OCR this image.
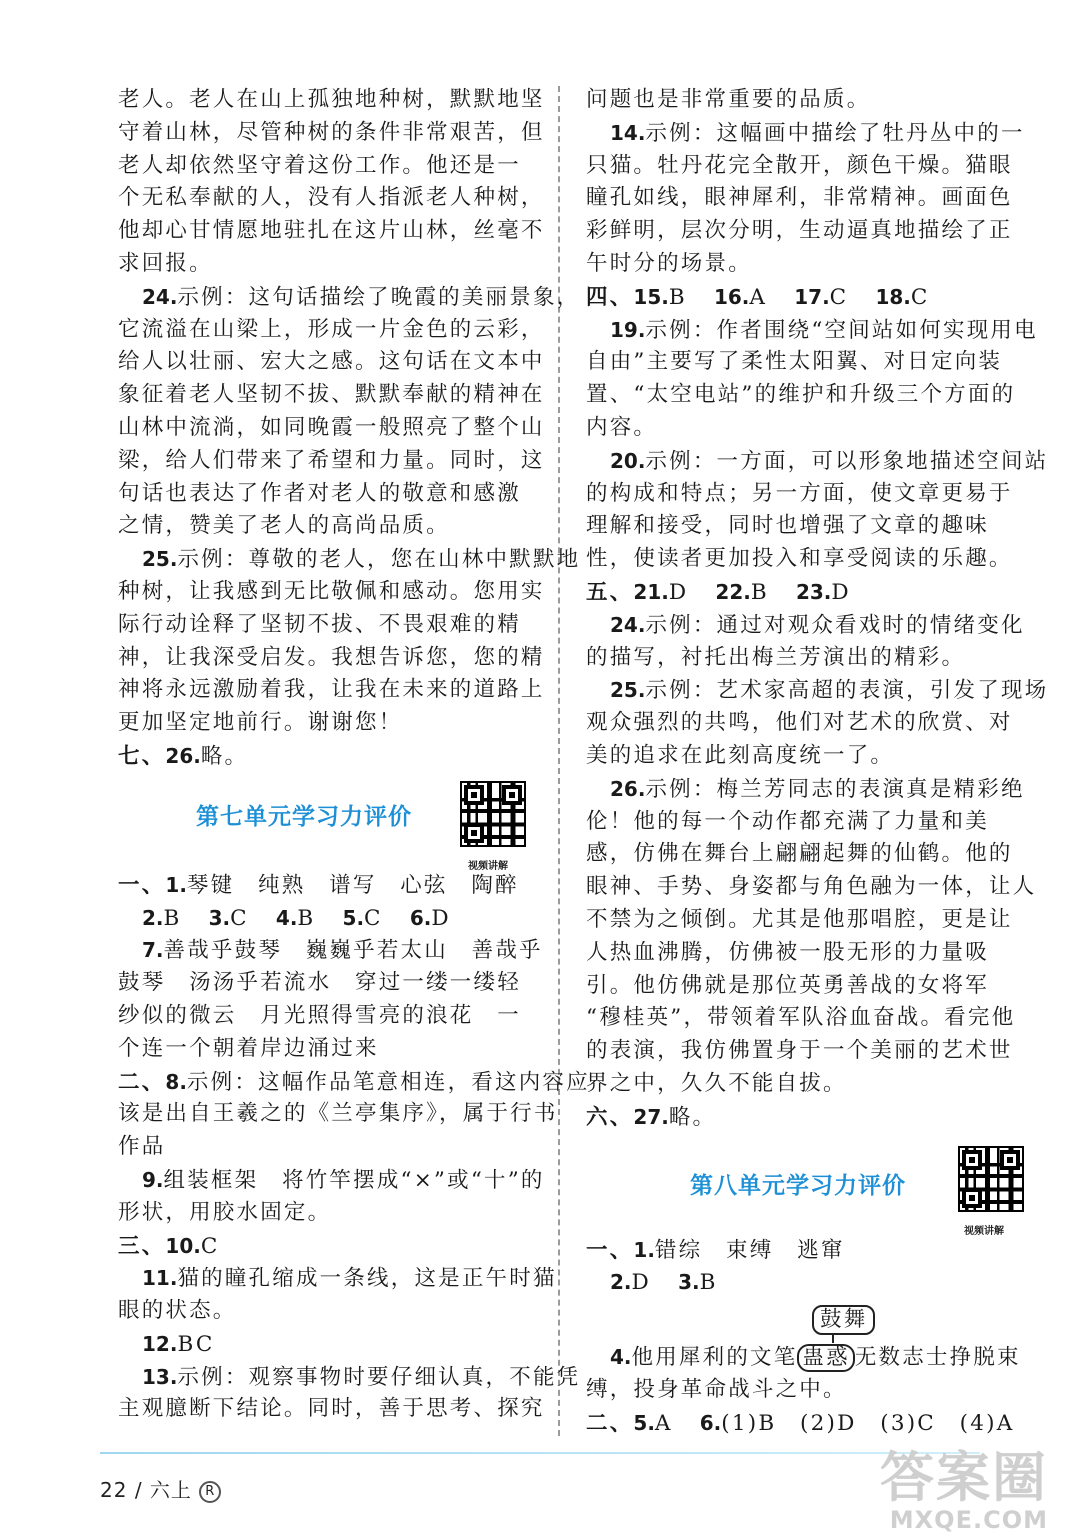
老人。老人在山上孤独地种树，默默地坚
守着山林，尽管种树的条件非常艰苦，但
老人却依然坚守着这份工作。他还是一
个无私奉献的人，没有人指派老人种树，
他却心甘情愿地驻扎在这片山林，丝毫不
求回报。
24.示例：这句话描绘了晚霞的美丽景象，
它流溢在山梁上，形成一片金色的云彩，
给人以壮丽、宏大之感。这句话在文本中
象征着老人坚韧不拔、默默奉献的精神在
山林中流淌，如同晚霞一般照亮了整个山
梁，给人们带来了希望和力量。同时，这
句话也表达了作者对老人的敬意和感激
之情，赞美了老人的高尚品质。
25.示例：尊敬的老人，您在山林中默默地
种树，让我感到无比敬佩和感动。您用实
际行动诠释了坚韧不拔、不畏艰难的精
神，让我深受启发。我想告诉您，您的精
神将永远激励着我，让我在未来的道路上
更加坚定地前行。谢谢您！
七、26.略。
第七单元学习力评价
视频讲解
一、1.琴键　纯熟　谱写　心弦　陶醉
2.B 3.C 4.B 5.C 6.D
7.善哉乎鼓琴　巍巍乎若太山　善哉乎
鼓琴　汤汤乎若流水　穿过一缕一缕轻
纱似的微云　月光照得雪亮的浪花　一
个连一个朝着岸边涌过来
二、8.示例：这幅作品笔意相连，看这内容应
该是出自王羲之的《兰亭集序》，属于行书
作品
9.组装框架　将竹竿摆成“×”或“十”的
形状，用胶水固定。
三、10.C
11.猫的瞳孔缩成一条线，这是正午时猫
眼的状态。
12.BC
13.示例：观察事物时要仔细认真，不能凭
主观臆断下结论。同时，善于思考、探究
问题也是非常重要的品质。
14.示例：这幅画中描绘了牡丹丛中的一
只猫。牡丹花完全散开，颜色干燥。猫眼
瞳孔如线，眼神犀利，非常精神。画面色
彩鲜明，层次分明，生动逼真地描绘了正
午时分的场景。
四、15.B 16.A 17.C 18.C
19.示例：作者围绕“空间站如何实现用电
自由”主要写了柔性太阳翼、对日定向装
置、“太空电站”的维护和升级三个方面的
内容。
20.示例：一方面，可以形象地描述空间站
的构成和特点；另一方面，使文章更易于
理解和接受，同时也增强了文章的趣味
性，使读者更加投入和享受阅读的乐趣。
五、21.D 22.B 23.D
24.示例：通过对观众看戏时的情绪变化
的描写，衬托出梅兰芳演出的精彩。
25.示例：艺术家高超的表演，引发了现场
观众强烈的共鸣，他们对艺术的欣赏、对
美的追求在此刻高度统一了。
26.示例：梅兰芳同志的表演真是精彩绝
伦！他的每一个动作都充满了力量和美
感，仿佛在舞台上翩翩起舞的仙鹤。他的
眼神、手势、身姿都与角色融为一体，让人
不禁为之倾倒。尤其是他那唱腔，更是让
人热血沸腾，仿佛被一股无形的力量吸
引。他仿佛就是那位英勇善战的女将军
“穆桂英”，带领着军队浴血奋战。看完他
的表演，我仿佛置身于一个美丽的艺术世
界之中，久久不能自拔。
六、27.略。
第八单元学习力评价
视频讲解
一、1.错综　束缚　逃窜
2.D 3.B
鼓舞
4.他用犀利的文笔 蛊惑 无数志士挣脱束
缚，投身革命战斗之中。
二、5.A 6.(1)B　(2)D　(3)C　(4)A
22 / 六上 R	答案圈
MXQE.COM
